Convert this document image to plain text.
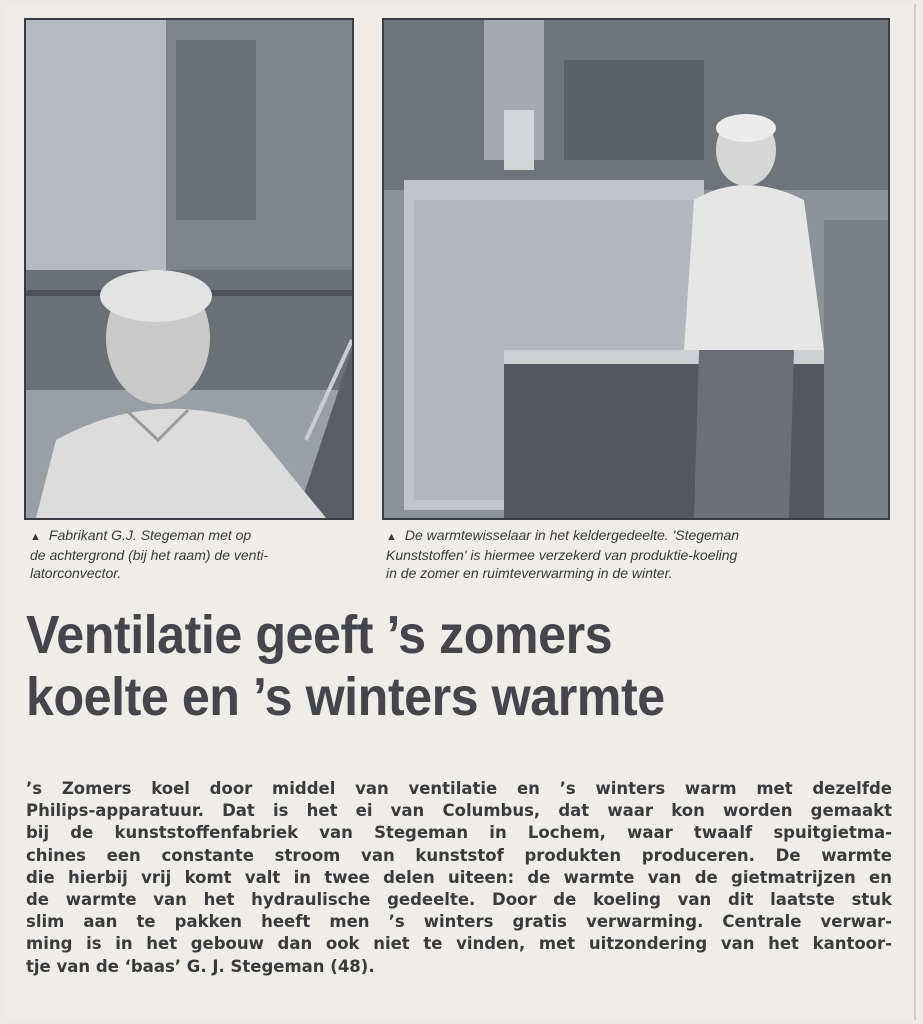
▲ Fabrikant G.J. Stegeman met op
de achtergrond (bij het raam) de venti-
latorconvector.

▲ De warmtewisselaar in het keldergedeelte. 'Stegeman
Kunststoffen' is hiermee verzekerd van produktie-koeling
in de zomer en ruimteverwarming in de winter.

Ventilatie geeft ’s zomers
koelte en ’s winters warmte

’s Zomers koel door middel van ventilatie en ’s winters warm met dezelfde
Philips-apparatuur. Dat is het ei van Columbus, dat waar kon worden gemaakt
bij de kunststoffenfabriek van Stegeman in Lochem, waar twaalf spuitgietma-
chines een constante stroom van kunststof produkten produceren. De warmte
die hierbij vrij komt valt in twee delen uiteen: de warmte van de gietmatrijzen en
de warmte van het hydraulische gedeelte. Door de koeling van dit laatste stuk
slim aan te pakken heeft men ’s winters gratis verwarming. Centrale verwar-
ming is in het gebouw dan ook niet te vinden, met uitzondering van het kantoor-
tje van de ‘baas’ G. J. Stegeman (48).
